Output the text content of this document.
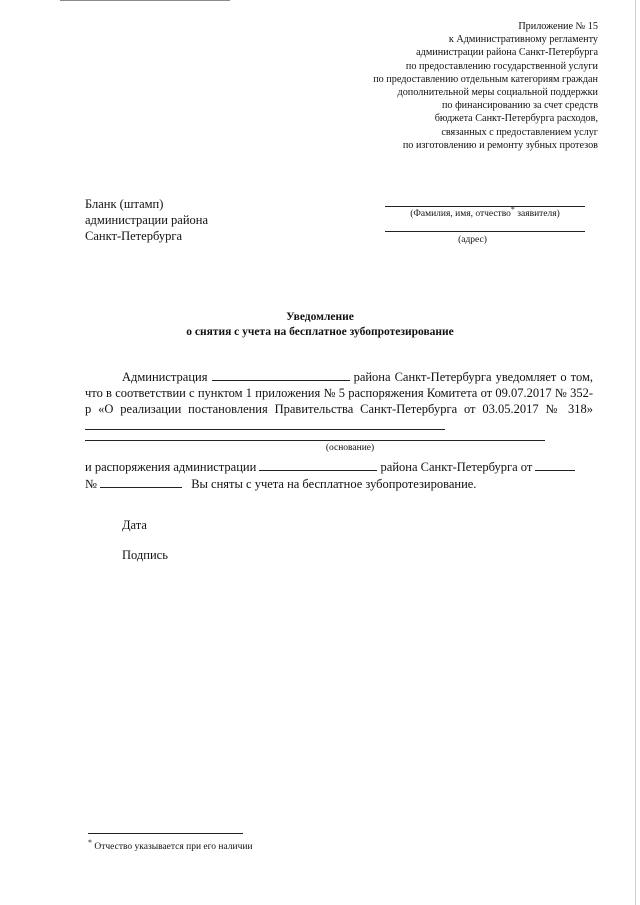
Приложение № 15
к Административному регламенту
администрации района Санкт-Петербурга
по предоставлению государственной услуги
по предоставлению отдельным категориям граждан
дополнительной меры социальной поддержки
по финансированию за счет средств
бюджета Санкт-Петербурга расходов,
связанных с предоставлением услуг
по изготовлению и ремонту зубных протезов
Бланк (штамп)
администрации района
Санкт-Петербурга
(Фамилия, имя, отчество* заявителя)
(адрес)
Уведомление
о снятия с учета на бесплатное зубопротезирование

Администрация	района Санкт-Петербурга уведомляет о том, что в соответствии с пунктом 1 приложения № 5 распоряжения Комитета от 09.07.2017 № 352-р «О реализации постановления Правительства Санкт-Петербурга от 03.05.2017 № 318»

(основание)

и распоряжения администрации	района Санкт-Петербурга от

№	Вы сняты с учета на бесплатное зубопротезирование.

Дата
Подпись
* Отчество указывается при его наличии
